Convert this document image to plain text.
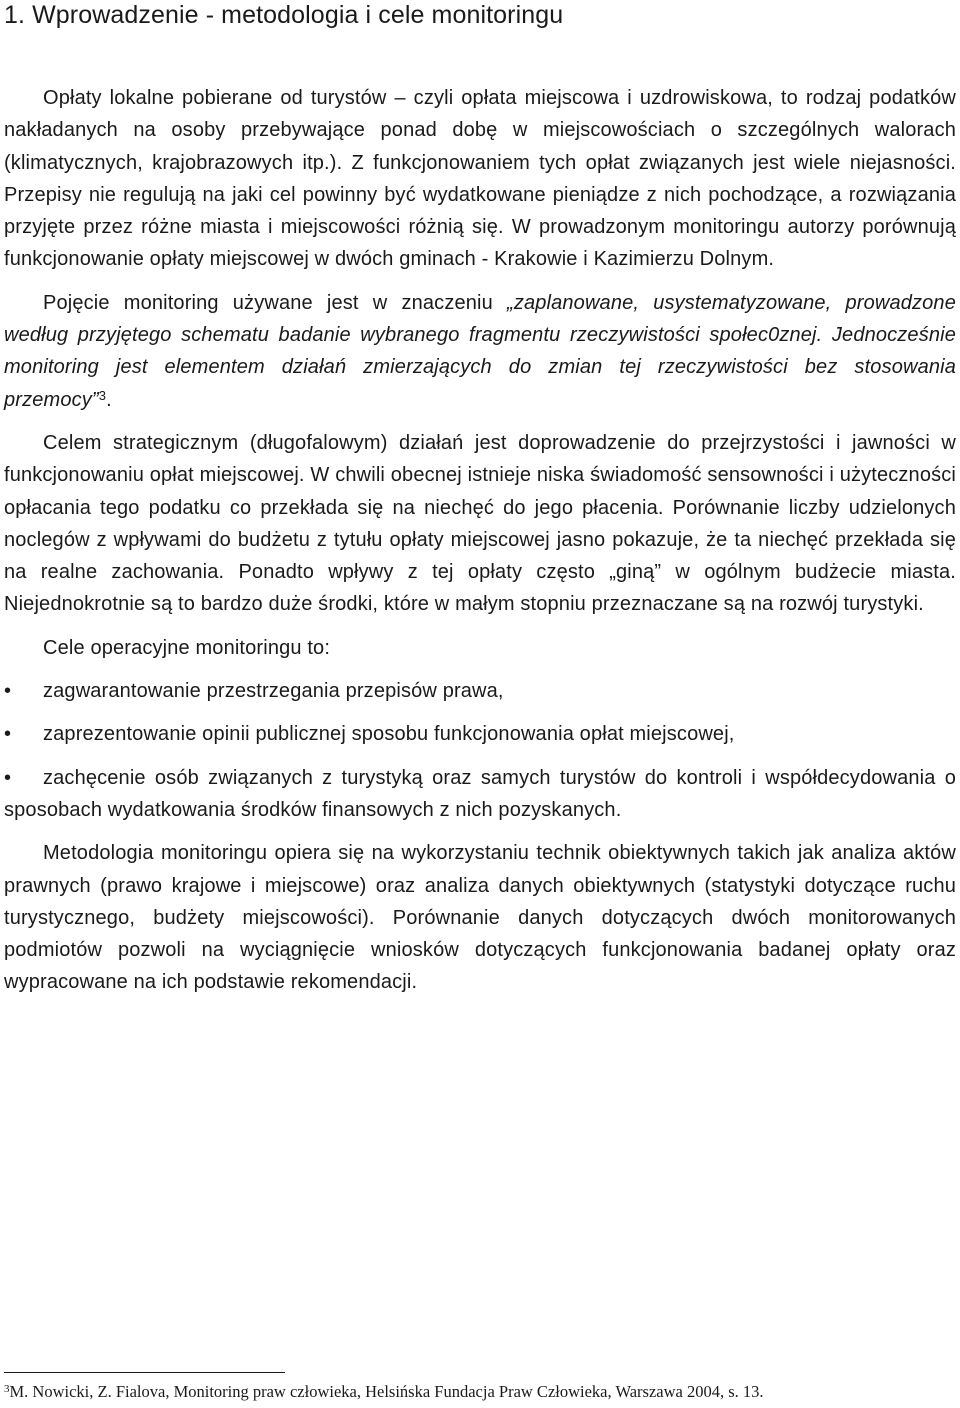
1. Wprowadzenie - metodologia i cele monitoringu

Opłaty lokalne pobierane od turystów – czyli opłata miejscowa i uzdrowiskowa, to rodzaj podatków nakładanych na osoby przebywające ponad dobę w miejscowościach o szczególnych walorach (klimatycznych, krajobrazowych itp.). Z funkcjonowaniem tych opłat związanych jest wiele niejasności. Przepisy nie regulują na jaki cel powinny być wydatkowane pieniądze z nich pochodzące, a rozwiązania przyjęte przez różne miasta i miejscowości różnią się. W prowadzonym monitoringu autorzy porównują funkcjonowanie opłaty miejscowej w dwóch gminach - Krakowie i Kazimierzu Dolnym.

Pojęcie monitoring używane jest w znaczeniu „zaplanowane, usystematyzowane, prowadzone według przyjętego schematu badanie wybranego fragmentu rzeczywistości społec0znej. Jednocześnie monitoring jest elementem działań zmierzających do zmian tej rzeczywistości bez stosowania przemocy”$^3$.

Celem strategicznym (długofalowym) działań jest doprowadzenie do przejrzystości i jawności w funkcjonowaniu opłat miejscowej. W chwili obecnej istnieje niska świadomość sensowności i użyteczności opłacania tego podatku co przekłada się na niechęć do jego płacenia. Porównanie liczby udzielonych noclegów z wpływami do budżetu z tytułu opłaty miejscowej jasno pokazuje, że ta niechęć przekłada się na realne zachowania. Ponadto wpływy z tej opłaty często „giną” w ogólnym budżecie miasta. Niejednokrotnie są to bardzo duże środki, które w małym stopniu przeznaczane są na rozwój turystyki.

Cele operacyjne monitoringu to:

•	zagwarantowanie przestrzegania przepisów prawa,
•	zaprezentowanie opinii publicznej sposobu funkcjonowania opłat miejscowej,
•	zachęcenie osób związanych z turystyką oraz samych turystów do kontroli i współdecydowania o sposobach wydatkowania środków finansowych z nich pozyskanych.

Metodologia monitoringu opiera się na wykorzystaniu technik obiektywnych takich jak analiza aktów prawnych (prawo krajowe i miejscowe) oraz analiza danych obiektywnych (statystyki dotyczące ruchu turystycznego, budżety miejscowości). Porównanie danych dotyczących dwóch monitorowanych podmiotów pozwoli na wyciągnięcie wniosków dotyczących funkcjonowania badanej opłaty oraz wypracowane na ich podstawie rekomendacji.

$^3$M. Nowicki, Z. Fialova, Monitoring praw człowieka, Helsińska Fundacja Praw Człowieka, Warszawa 2004, s. 13.
